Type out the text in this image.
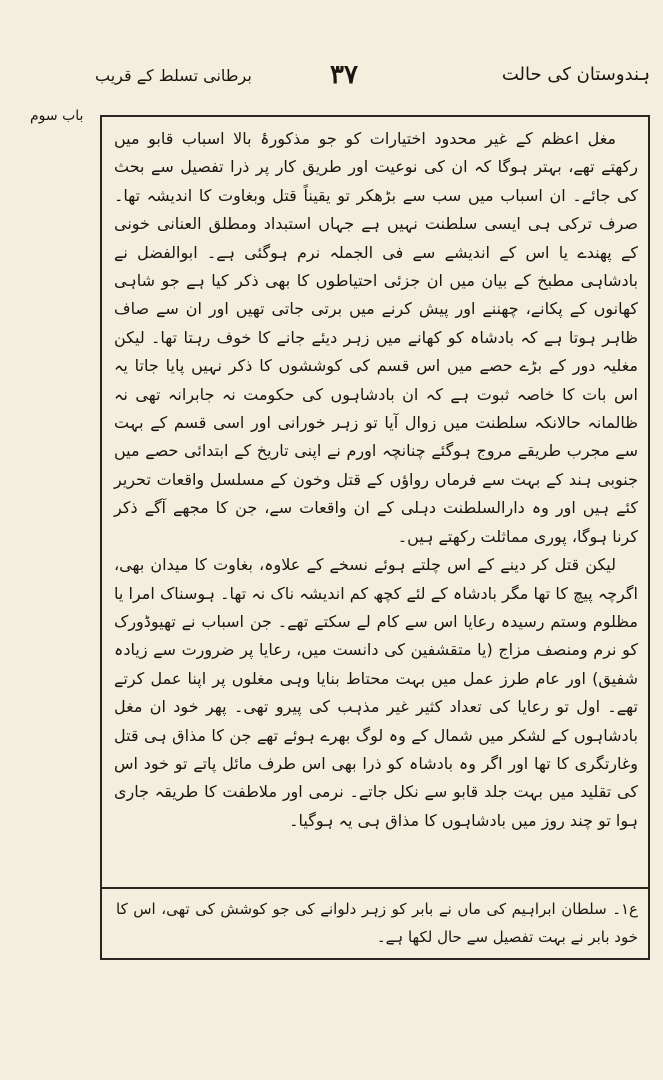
برطانی تسلط کے قریب	۳۷	ہندوستان کی حالت
باب سوم

مغل اعظم کے غیر محدود اختیارات کو جو مذکورۂ بالا اسباب قابو میں رکھتے تھے، بہتر ہوگا کہ ان کی نوعیت اور طریق کار پر ذرا تفصیل سے بحث کی جائے۔ ان اسباب میں سب سے بڑھکر تو یقیناً قتل وبغاوت کا اندیشہ تھا۔ صرف ترکی ہی ایسی سلطنت نہیں ہے جہاں استبداد ومطلق العنانی خونی کے پھندے یا اس کے اندیشے سے فی الجملہ نرم ہوگئی ہے۔ ابوالفضل نے بادشاہی مطبخ کے بیان میں ان جزئی احتیاطوں کا بھی ذکر کیا ہے جو شاہی کھانوں کے پکانے، چھننے اور پیش کرنے میں برتی جاتی تھیں اور ان سے صاف ظاہر ہوتا ہے کہ بادشاہ کو کھانے میں زہر دیئے جانے کا خوف رہتا تھا۔ لیکن مغلیہ دور کے بڑے حصے میں اس قسم کی کوششوں کا ذکر نہیں پایا جاتا یہ اس بات کا خاصہ ثبوت ہے کہ ان بادشاہوں کی حکومت نہ جابرانہ تھی نہ ظالمانہ حالانکہ سلطنت میں زوال آیا تو زہر خورانی اور اسی قسم کے بہت سے مجرب طریقے مروج ہوگئے چنانچہ اورم نے اپنی تاریخ کے ابتدائی حصے میں جنوبی ہند کے بہت سے فرماں رواؤں کے قتل وخون کے مسلسل واقعات تحریر کئے ہیں اور وہ دارالسلطنت دہلی کے ان واقعات سے، جن کا مجھے آگے ذکر کرنا ہوگا، پوری مماثلت رکھتے ہیں۔

لیکن قتل کر دینے کے اس چلتے ہوئے نسخے کے علاوہ، بغاوت کا میدان بھی، اگرچہ پیچ کا تھا مگر بادشاہ کے لئے کچھ کم اندیشہ ناک نہ تھا۔ ہوسناک امرا یا مظلوم وستم رسیدہ رعایا اس سے کام لے سکتے تھے۔ جن اسباب نے تھیوڈورک کو نرم ومنصف مزاج (یا متقشفین کی دانست میں، رعایا پر ضرورت سے زیادہ شفیق) اور عام طرز عمل میں بہت محتاط بنایا وہی مغلوں پر اپنا عمل کرتے تھے۔ اول تو رعایا کی تعداد کثیر غیر مذہب کی پیرو تھی۔ پھر خود ان مغل بادشاہوں کے لشکر میں شمال کے وہ لوگ بھرے ہوئے تھے جن کا مذاق ہی قتل وغارتگری کا تھا اور اگر وہ بادشاہ کو ذرا بھی اس طرف مائل پاتے تو خود اس کی تقلید میں بہت جلد قابو سے نکل جاتے۔ نرمی اور ملاطفت کا طریقہ جاری ہوا تو چند روز میں بادشاہوں کا مذاق ہی یہ ہوگیا۔

ع۱۔ سلطان ابراہیم کی ماں نے بابر کو زہر دلوانے کی جو کوشش کی تھی، اس کا خود بابر نے بہت تفصیل سے حال لکھا ہے۔
